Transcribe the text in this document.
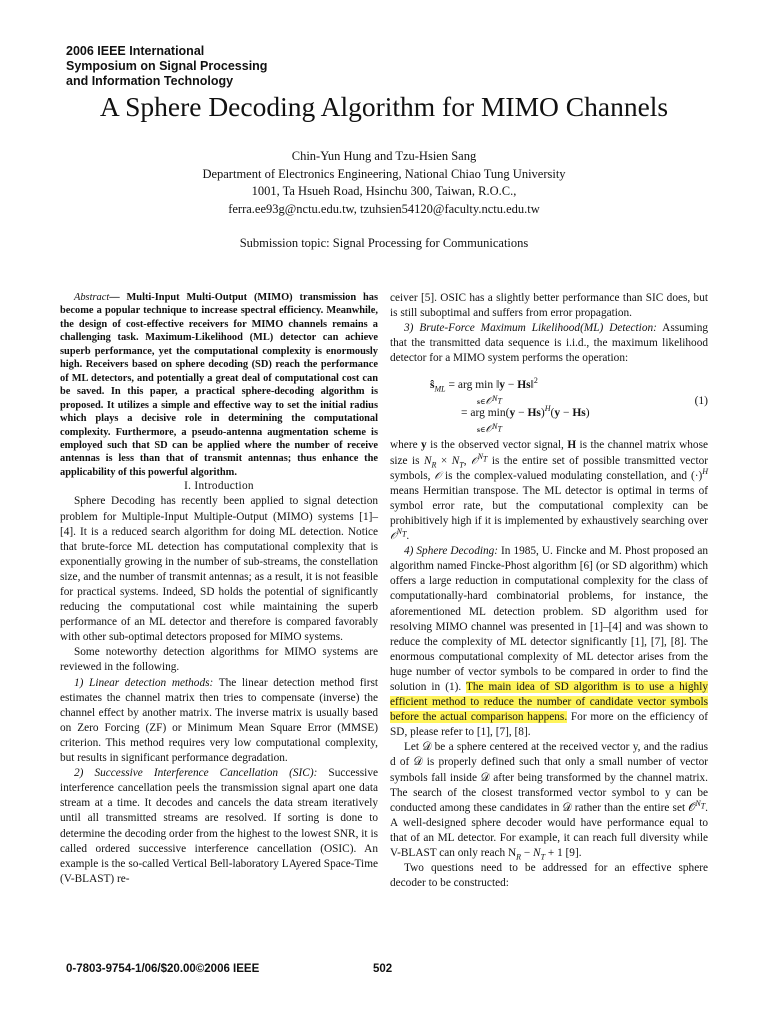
2006 IEEE International
Symposium on Signal Processing
and Information Technology
A Sphere Decoding Algorithm for MIMO Channels
Chin-Yun Hung and Tzu-Hsien Sang
Department of Electronics Engineering, National Chiao Tung University
1001, Ta Hsueh Road, Hsinchu 300, Taiwan, R.O.C.,
ferra.ee93g@nctu.edu.tw, tzuhsien54120@faculty.nctu.edu.tw
Submission topic: Signal Processing for Communications

Abstract— Multi-Input Multi-Output (MIMO) transmission has become a popular technique to increase spectral efficiency. Meanwhile, the design of cost-effective receivers for MIMO channels remains a challenging task. Maximum-Likelihood (ML) detector can achieve superb performance, yet the computational complexity is enormously high. Receivers based on sphere decoding (SD) reach the performance of ML detectors, and potentially a great deal of computational cost can be saved. In this paper, a practical sphere-decoding algorithm is proposed. It utilizes a simple and effective way to set the initial radius which plays a decisive role in determining the computational complexity. Furthermore, a pseudo-antenna augmentation scheme is employed such that SD can be applied where the number of receive antennas is less than that of transmit antennas; thus enhance the applicability of this powerful algorithm.

I. Introduction

Sphere Decoding has recently been applied to signal detection problem for Multiple-Input Multiple-Output (MIMO) systems [1]–[4]. It is a reduced search algorithm for doing ML detection. Notice that brute-force ML detection has computational complexity that is exponentially growing in the number of sub-streams, the constellation size, and the number of transmit antennas; as a result, it is not feasible for practical systems. Indeed, SD holds the potential of significantly reducing the computational cost while maintaining the superb performance of an ML detector and therefore is compared favorably with other sub-optimal detectors proposed for MIMO systems.

Some noteworthy detection algorithms for MIMO systems are reviewed in the following.

1) Linear detection methods: The linear detection method first estimates the channel matrix then tries to compensate (inverse) the channel effect by another matrix. The inverse matrix is usually based on Zero Forcing (ZF) or Minimum Mean Square Error (MMSE) criterion. This method requires very low computational complexity, but results in significant performance degradation.

2) Successive Interference Cancellation (SIC): Successive interference cancellation peels the transmission signal apart one data stream at a time. It decodes and cancels the data stream iteratively until all transmitted streams are resolved. If sorting is done to determine the decoding order from the highest to the lowest SNR, it is called ordered successive interference cancellation (OSIC). An example is the so-called Vertical Bell-laboratory LAyered Space-Time (V-BLAST) re-

ceiver [5]. OSIC has a slightly better performance than SIC does, but is still suboptimal and suffers from error propagation.

3) Brute-Force Maximum Likelihood(ML) Detection: Assuming that the transmitted data sequence is i.i.d., the maximum likelihood detector for a MIMO system performs the operation:

$ŝ_{ML}$ = arg min ‖y − Hs‖$^2$
s∈𝒪$^{N_T}$
= arg $\min(y - Hs)^H(y - Hs)$
s∈𝒪$^{N_T}$
(1)

where y is the observed vector signal, H is the channel matrix whose size is $N_R \times N_T$, 𝒪$^{N_T}$ is the entire set of possible transmitted vector symbols, 𝒪 is the complex-valued modulating constellation, and $(\cdot)^H$ means Hermitian transpose. The ML detector is optimal in terms of symbol error rate, but the computational complexity can be prohibitively high if it is implemented by exhaustively searching over 𝒪$^{N_T}$.

4) Sphere Decoding: In 1985, U. Fincke and M. Phost proposed an algorithm named Fincke-Phost algorithm [6] (or SD algorithm) which offers a large reduction in computational complexity for the class of computationally-hard combinatorial problems, for instance, the aforementioned ML detection problem. SD algorithm used for resolving MIMO channel was presented in [1]–[4] and was shown to reduce the complexity of ML detector significantly [1], [7], [8]. The enormous computational complexity of ML detector arises from the huge number of vector symbols to be compared in order to find the solution in (1). The main idea of SD algorithm is to use a highly efficient method to reduce the number of candidate vector symbols before the actual comparison happens. For more on the efficiency of SD, please refer to [1], [7], [8].

Let 𝒟 be a sphere centered at the received vector y, and the radius d of 𝒟 is properly defined such that only a small number of vector symbols fall inside 𝒟 after being transformed by the channel matrix. The search of the closest transformed vector symbol to y can be conducted among these candidates in 𝒟 rather than the entire set 𝒪$^{N_T}$. A well-designed sphere decoder would have performance equal to that of an ML detector. For example, it can reach full diversity while V-BLAST can only reach $N_R - N_T + 1$ [9].

Two questions need to be addressed for an effective sphere decoder to be constructed:

0-7803-9754-1/06/$20.00©2006 IEEE	502
